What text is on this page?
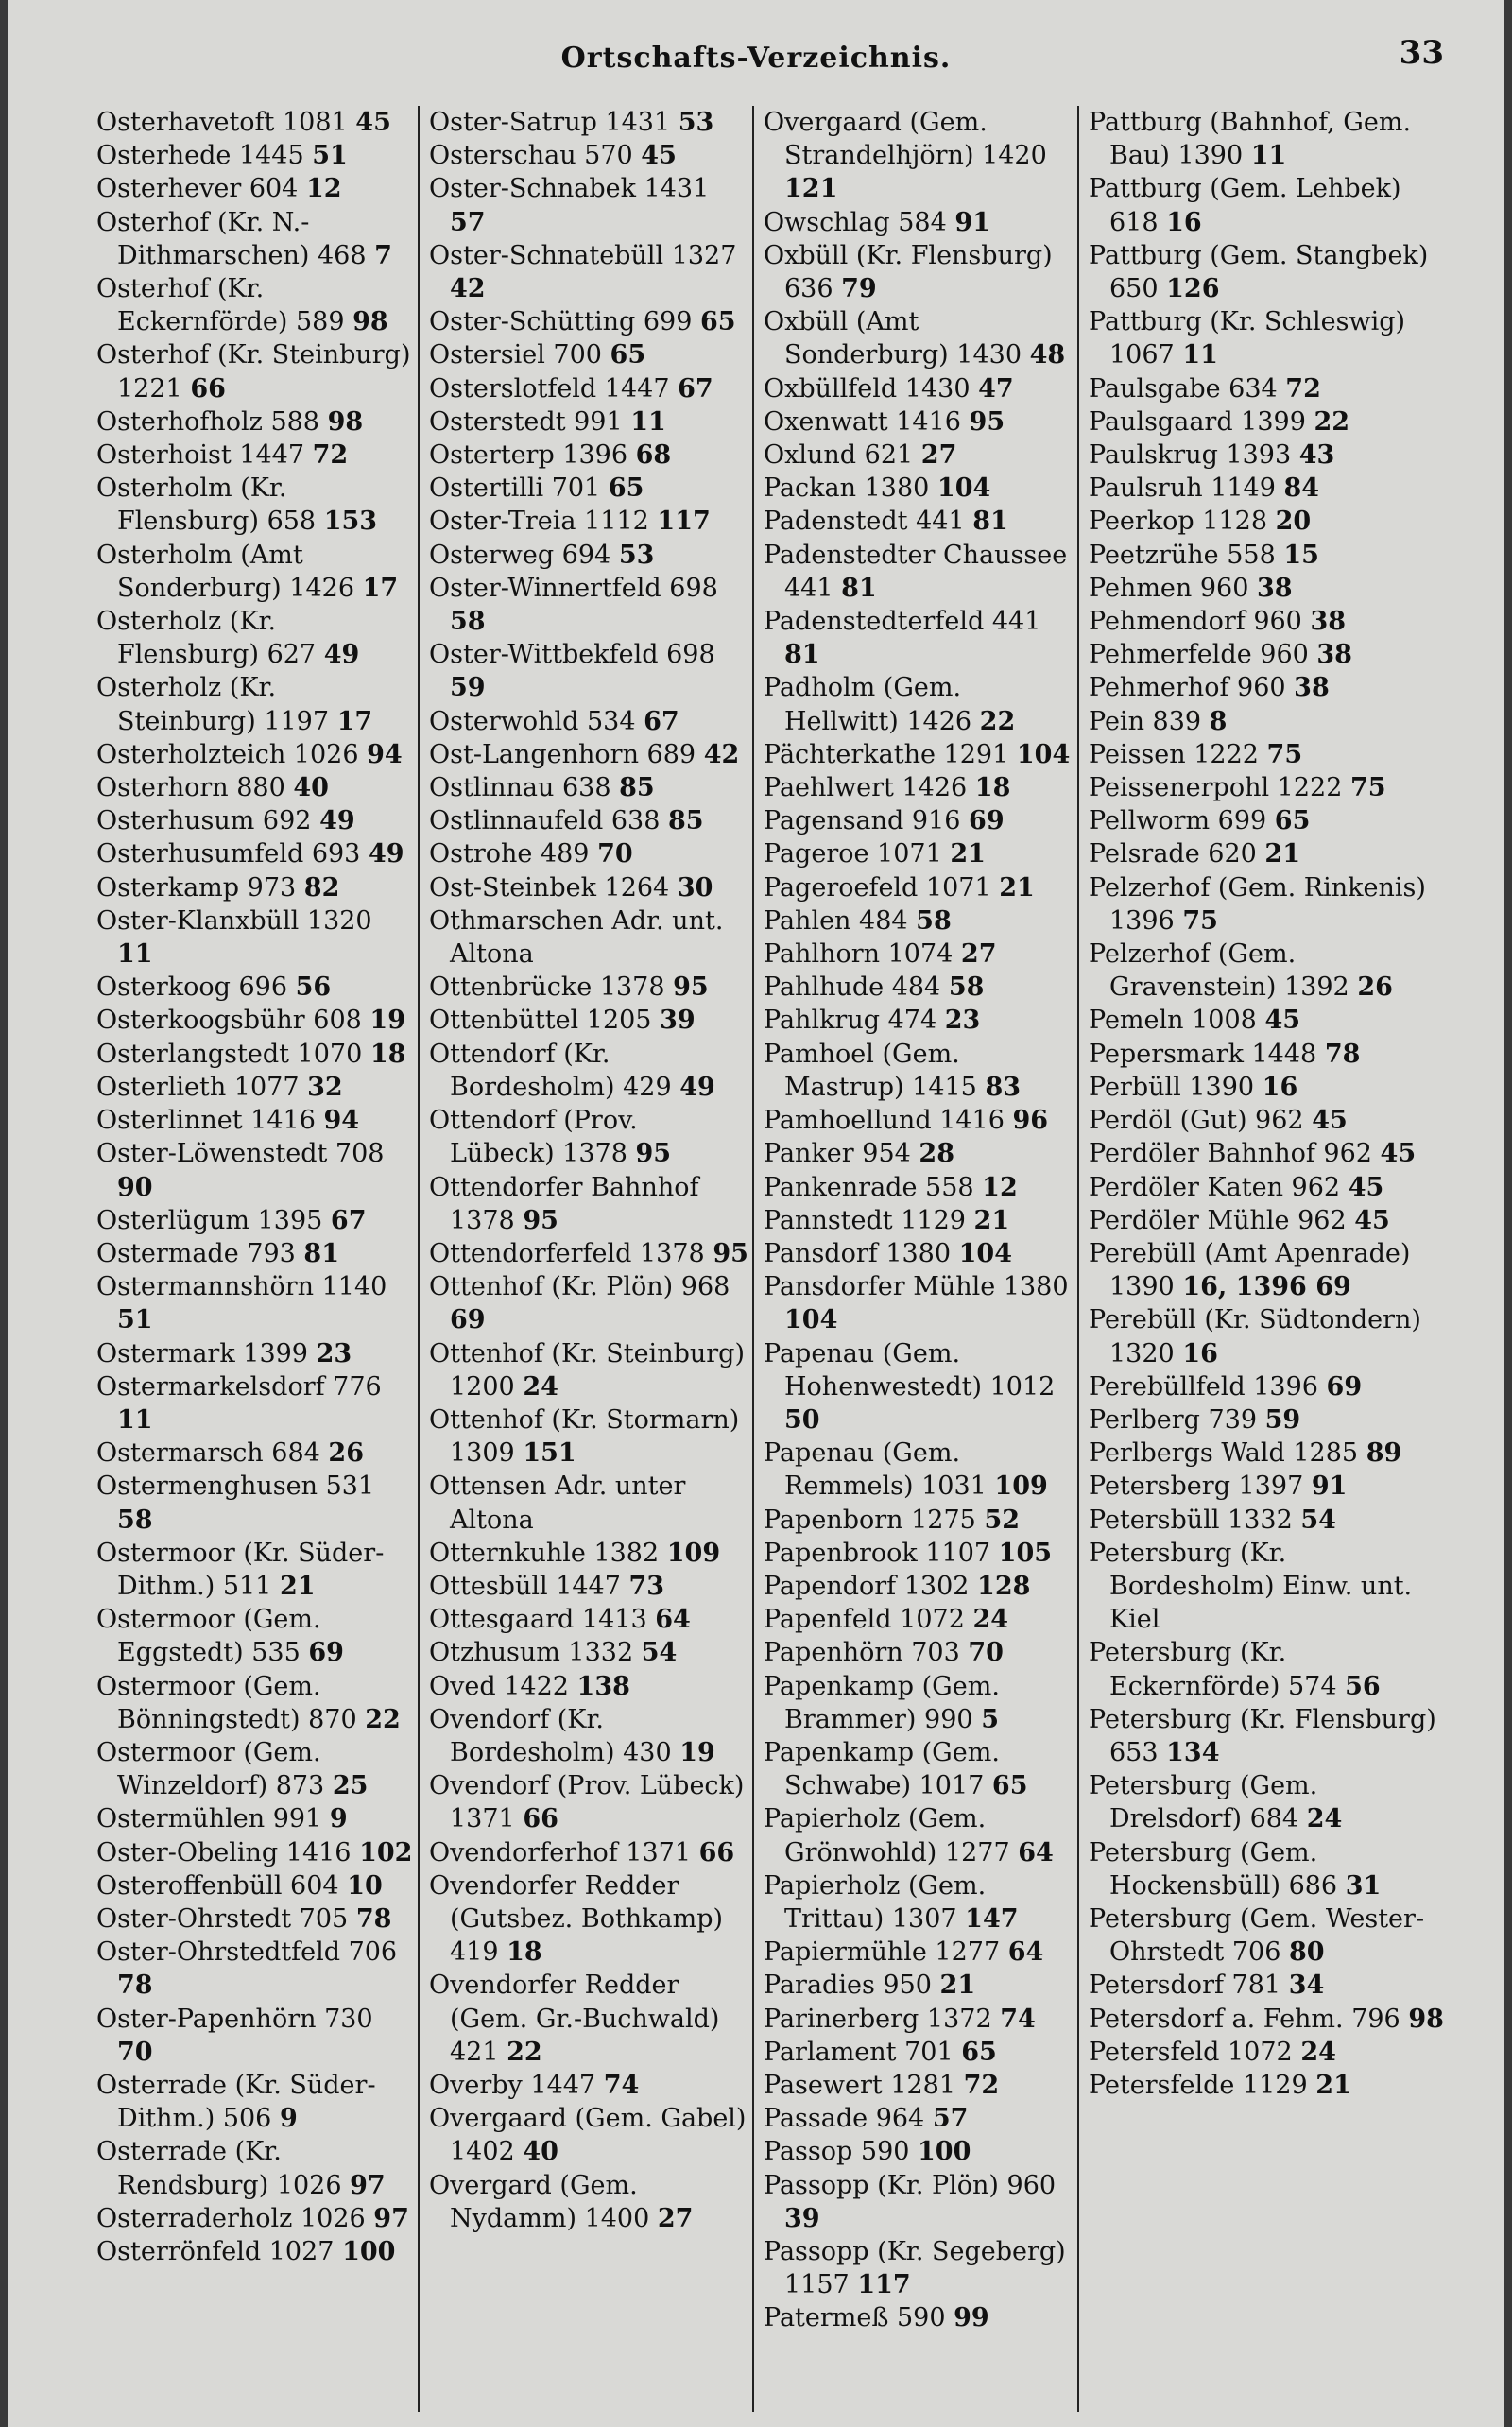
Ortschafts-Verzeichnis.	33

Osterhavetoft 1081 45

Osterhede 1445 51

Osterhever 604 12

Osterhof (Kr. N.-Dithmarschen) 468 7

Osterhof (Kr. Eckernförde) 589 98

Osterhof (Kr. Steinburg) 1221 66

Osterhofholz 588 98

Osterhoist 1447 72

Osterholm (Kr. Flensburg) 658 153

Osterholm (Amt Sonderburg) 1426 17

Osterholz (Kr. Flensburg) 627 49

Osterholz (Kr. Steinburg) 1197 17

Osterholzteich 1026 94

Osterhorn 880 40

Osterhusum 692 49

Osterhusumfeld 693 49

Osterkamp 973 82

Oster-Klanxbüll 1320 11

Osterkoog 696 56

Osterkoogsbühr 608 19

Osterlangstedt 1070 18

Osterlieth 1077 32

Osterlinnet 1416 94

Oster-Löwenstedt 708 90

Osterlügum 1395 67

Ostermade 793 81

Ostermannshörn 1140 51

Ostermark 1399 23

Ostermarkelsdorf 776 11

Ostermarsch 684 26

Ostermenghusen 531 58

Ostermoor (Kr. Süder-Dithm.) 511 21

Ostermoor (Gem. Eggstedt) 535 69

Ostermoor (Gem. Bönningstedt) 870 22

Ostermoor (Gem. Winzeldorf) 873 25

Ostermühlen 991 9

Oster-Obeling 1416 102

Osteroffenbüll 604 10

Oster-Ohrstedt 705 78

Oster-Ohrstedtfeld 706 78

Oster-Papenhörn 730 70

Osterrade (Kr. Süder-Dithm.) 506 9

Osterrade (Kr. Rendsburg) 1026 97

Osterraderholz 1026 97

Osterrönfeld 1027 100

Oster-Satrup 1431 53

Osterschau 570 45

Oster-Schnabek 1431 57

Oster-Schnatebüll 1327 42

Oster-Schütting 699 65

Ostersiel 700 65

Osterslotfeld 1447 67

Osterstedt 991 11

Osterterp 1396 68

Ostertilli 701 65

Oster-Treia 1112 117

Osterweg 694 53

Oster-Winnertfeld 698 58

Oster-Wittbekfeld 698 59

Osterwohld 534 67

Ost-Langenhorn 689 42

Ostlinnau 638 85

Ostlinnaufeld 638 85

Ostrohe 489 70

Ost-Steinbek 1264 30

Othmarschen Adr. unt. Altona

Ottenbrücke 1378 95

Ottenbüttel 1205 39

Ottendorf (Kr. Bordesholm) 429 49

Ottendorf (Prov. Lübeck) 1378 95

Ottendorfer Bahnhof 1378 95

Ottendorferfeld 1378 95

Ottenhof (Kr. Plön) 968 69

Ottenhof (Kr. Steinburg) 1200 24

Ottenhof (Kr. Stormarn) 1309 151

Ottensen Adr. unter Altona

Otternkuhle 1382 109

Ottesbüll 1447 73

Ottesgaard 1413 64

Otzhusum 1332 54

Oved 1422 138

Ovendorf (Kr. Bordesholm) 430 19

Ovendorf (Prov. Lübeck) 1371 66

Ovendorferhof 1371 66

Ovendorfer Redder (Gutsbez. Bothkamp) 419 18

Ovendorfer Redder (Gem. Gr.-Buchwald) 421 22

Overby 1447 74

Overgaard (Gem. Gabel) 1402 40

Overgard (Gem. Nydamm) 1400 27

Overgaard (Gem. Strandelhjörn) 1420 121

Owschlag 584 91

Oxbüll (Kr. Flensburg) 636 79

Oxbüll (Amt Sonderburg) 1430 48

Oxbüllfeld 1430 47

Oxenwatt 1416 95

Oxlund 621 27

Packan 1380 104

Padenstedt 441 81

Padenstedter Chaussee 441 81

Padenstedterfeld 441 81

Padholm (Gem. Hellwitt) 1426 22

Pächterkathe 1291 104

Paehlwert 1426 18

Pagensand 916 69

Pageroe 1071 21

Pageroefeld 1071 21

Pahlen 484 58

Pahlhorn 1074 27

Pahlhude 484 58

Pahlkrug 474 23

Pamhoel (Gem. Mastrup) 1415 83

Pamhoellund 1416 96

Panker 954 28

Pankenrade 558 12

Pannstedt 1129 21

Pansdorf 1380 104

Pansdorfer Mühle 1380 104

Papenau (Gem. Hohenwestedt) 1012 50

Papenau (Gem. Remmels) 1031 109

Papenborn 1275 52

Papenbrook 1107 105

Papendorf 1302 128

Papenfeld 1072 24

Papenhörn 703 70

Papenkamp (Gem. Brammer) 990 5

Papenkamp (Gem. Schwabe) 1017 65

Papierholz (Gem. Grönwohld) 1277 64

Papierholz (Gem. Trittau) 1307 147

Papiermühle 1277 64

Paradies 950 21

Parinerberg 1372 74

Parlament 701 65

Pasewert 1281 72

Passade 964 57

Passop 590 100

Passopp (Kr. Plön) 960 39

Passopp (Kr. Segeberg) 1157 117

Patermeß 590 99

Pattburg (Bahnhof, Gem. Bau) 1390 11

Pattburg (Gem. Lehbek) 618 16

Pattburg (Gem. Stangbek) 650 126

Pattburg (Kr. Schleswig) 1067 11

Paulsgabe 634 72

Paulsgaard 1399 22

Paulskrug 1393 43

Paulsruh 1149 84

Peerkop 1128 20

Peetzrühe 558 15

Pehmen 960 38

Pehmendorf 960 38

Pehmerfelde 960 38

Pehmerhof 960 38

Pein 839 8

Peissen 1222 75

Peissenerpohl 1222 75

Pellworm 699 65

Pelsrade 620 21

Pelzerhof (Gem. Rinkenis) 1396 75

Pelzerhof (Gem. Gravenstein) 1392 26

Pemeln 1008 45

Pepersmark 1448 78

Perbüll 1390 16

Perdöl (Gut) 962 45

Perdöler Bahnhof 962 45

Perdöler Katen 962 45

Perdöler Mühle 962 45

Perebüll (Amt Apenrade) 1390 16, 1396 69

Perebüll (Kr. Südtondern) 1320 16

Perebüllfeld 1396 69

Perlberg 739 59

Perlbergs Wald 1285 89

Petersberg 1397 91

Petersbüll 1332 54

Petersburg (Kr. Bordesholm) Einw. unt. Kiel

Petersburg (Kr. Eckernförde) 574 56

Petersburg (Kr. Flensburg) 653 134

Petersburg (Gem. Drelsdorf) 684 24

Petersburg (Gem. Hockensbüll) 686 31

Petersburg (Gem. Wester-Ohrstedt 706 80

Petersdorf 781 34

Petersdorf a. Fehm. 796 98

Petersfeld 1072 24

Petersfelde 1129 21
